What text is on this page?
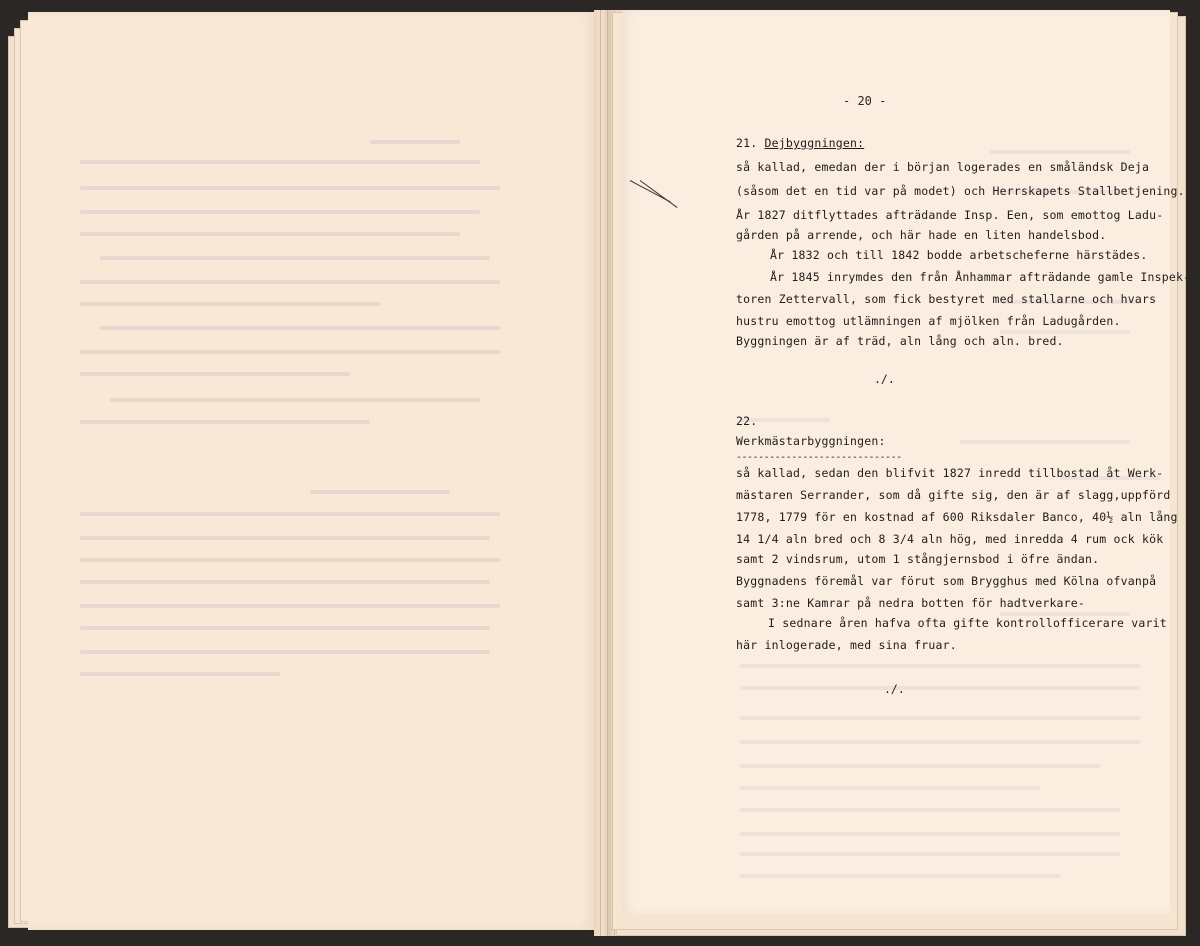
- 20 -
21. Dejbyggningen:
så kallad, emedan der i början logerades en småländsk Deja
(såsom det en tid var på modet) och Herrskapets Stallbetjening.
År 1827 ditflyttades afträdande Insp. Een, som emottog Ladu-
gården på arrende, och här hade en liten handelsbod.
År 1832 och till 1842 bodde arbetscheferne härstädes.
År 1845 inrymdes den från Ånhammar afträdande gamle Inspek-
toren Zettervall, som fick bestyret med stallarne och hvars
hustru emottog utlämningen af mjölken från Ladugården.
Byggningen är af träd, aln lång och aln. bred.
./.
22.
Werkmästarbyggningen:
------------------------------
så kallad, sedan den blifvit 1827 inredd tillbostad åt Werk-
mästaren Serrander, som då gifte sig, den är af slagg,uppförd
1778, 1779 för en kostnad af 600 Riksdaler Banco, 40½ aln lång
14 1/4 aln bred och 8 3/4 aln hög, med inredda 4 rum ock kök
samt 2 vindsrum, utom 1 stångjernsbod i öfre ändan.
Byggnadens föremål var förut som Brygghus med Kölna ofvanpå
samt 3:ne Kamrar på nedra botten för hadtverkare-
I sednare åren hafva ofta gifte kontrollofficerare varit
här inlogerade, med sina fruar.
./.
